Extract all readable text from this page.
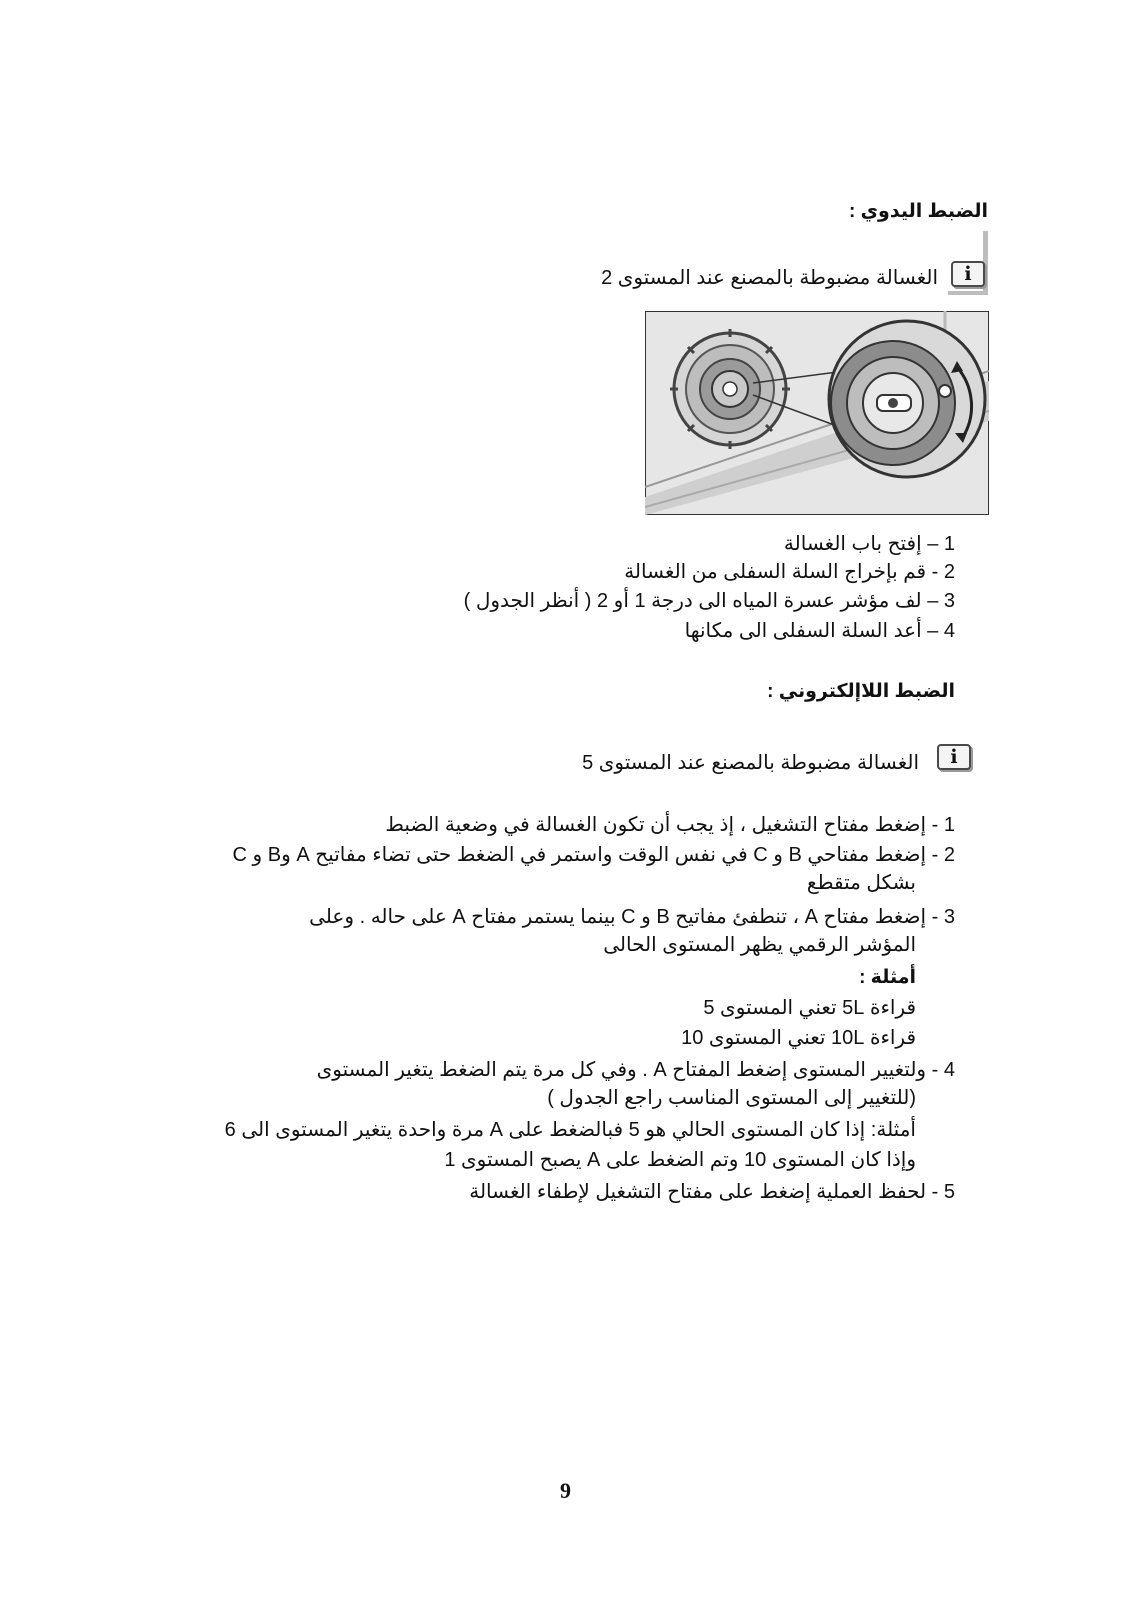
الضبط اليدوي :
i
الغسالة مضبوطة بالمصنع عند المستوى 2
1 – إفتح باب الغسالة
2 - قم بإخراج السلة السفلى من الغسالة
3 – لف مؤشر عسرة المياه الى درجة 1 أو 2 ( أنظر الجدول )
4 – أعد السلة السفلى الى مكانها
الضبط اللاإلكتروني :
i
الغسالة مضبوطة بالمصنع عند المستوى 5
1 - إضغط مفتاح التشغيل ، إذ يجب أن تكون الغسالة في وضعية الضبط
2 - إضغط مفتاحي B و C في نفس الوقت واستمر في الضغط حتى تضاء مفاتيح A وB و C
بشكل متقطع
3 - إضغط مفتاح A ، تنطفئ مفاتيح B و C بينما يستمر مفتاح A على حاله . وعلى
المؤشر الرقمي يظهر المستوى الحالى
أمثلة :
قراءة 5L تعني المستوى 5
قراءة 10L تعني المستوى 10
4 - ولتغيير المستوى إضغط المفتاح A . وفي كل مرة يتم الضغط يتغير المستوى
(للتغيير إلى المستوى المناسب راجع الجدول )
أمثلة: إذا كان المستوى الحالي هو 5 فبالضغط على A مرة واحدة يتغير المستوى الى 6
وإذا كان المستوى 10 وتم الضغط على A يصبح المستوى 1
5 - لحفظ العملية إضغط على مفتاح التشغيل لإطفاء الغسالة
9
